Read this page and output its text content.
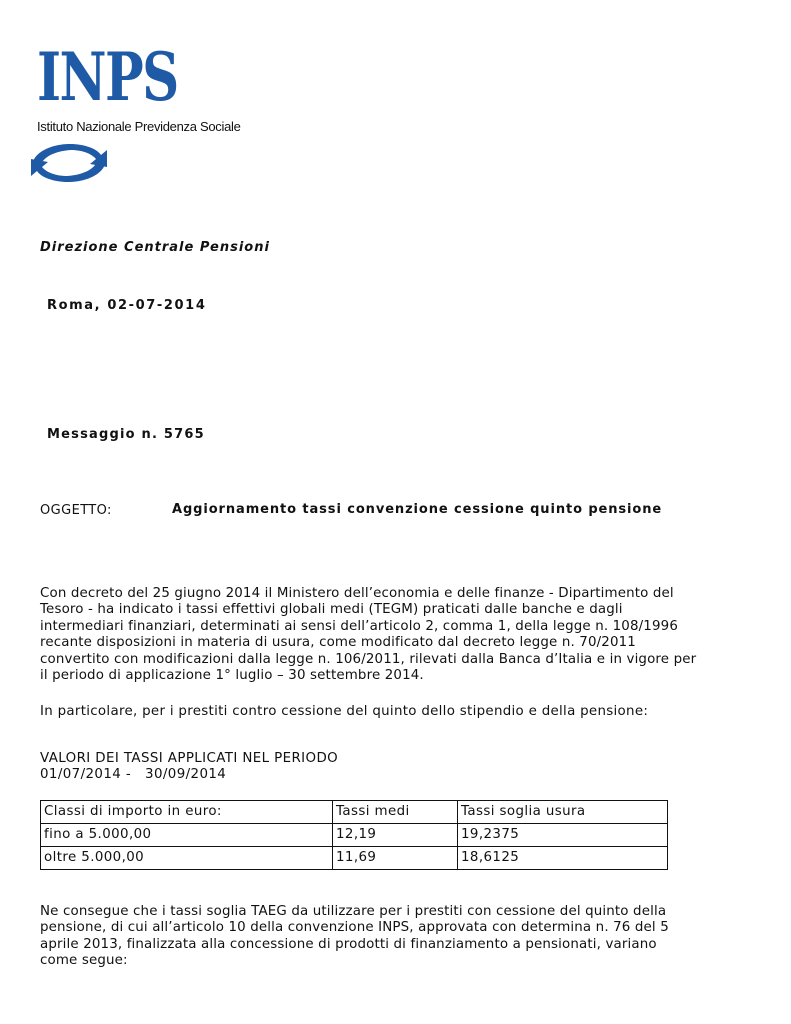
INPS
Istituto Nazionale Previdenza Sociale
Direzione Centrale Pensioni
Roma, 02-07-2014
Messaggio n. 5765
OGGETTO:	Aggiornamento tassi convenzione cessione quinto pensione

Con decreto del 25 giugno 2014 il Ministero dell’economia e delle finanze - Dipartimento del
Tesoro - ha indicato i tassi effettivi globali medi (TEGM) praticati dalle banche e dagli
intermediari finanziari, determinati ai sensi dell’articolo 2, comma 1, della legge n. 108/1996
recante disposizioni in materia di usura, come modificato dal decreto legge n. 70/2011
convertito con modificazioni dalla legge n. 106/2011, rilevati dalla Banca d’Italia e in vigore per
il periodo di applicazione 1° luglio – 30 settembre 2014.

In particolare, per i prestiti contro cessione del quinto dello stipendio e della pensione:

VALORI DEI TASSI APPLICATI NEL PERIODO
01/07/2014 -   30/09/2014
Classi di importo in euro:	Tassi medi	Tassi soglia usura
fino a 5.000,00	12,19	19,2375
oltre 5.000,00	11,69	18,6125

Ne consegue che i tassi soglia TAEG da utilizzare per i prestiti con cessione del quinto della
pensione, di cui all’articolo 10 della convenzione INPS, approvata con determina n. 76 del 5
aprile 2013, finalizzata alla concessione di prodotti di finanziamento a pensionati, variano
come segue:
